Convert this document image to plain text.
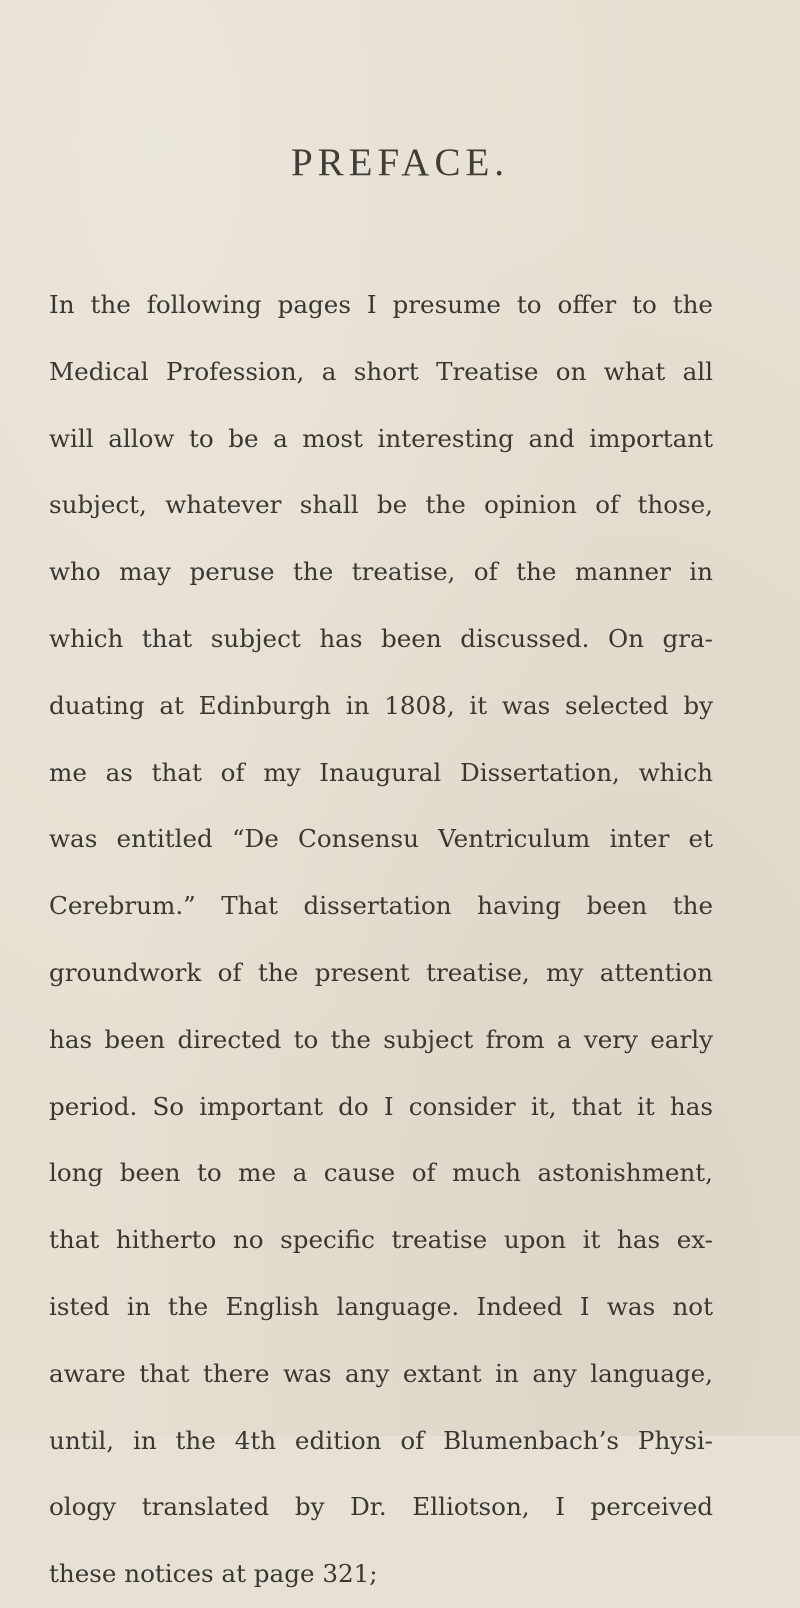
PREFACE.
In the following pages I presume to offer to the
Medical Profession, a short Treatise on what all
will allow to be a most interesting and important
subject, whatever shall be the opinion of those,
who may peruse the treatise, of the manner in
which that subject has been discussed. On gra-
duating at Edinburgh in 1808, it was selected by
me as that of my Inaugural Dissertation, which
was entitled “De Consensu Ventriculum inter et
Cerebrum.” That dissertation having been the
groundwork of the present treatise, my attention
has been directed to the subject from a very early
period. So important do I consider it, that it has
long been to me a cause of much astonishment,
that hitherto no specific treatise upon it has ex-
isted in the English language. Indeed I was not
aware that there was any extant in any language,
until, in the 4th edition of Blumenbach’s Physi-
ology translated by Dr. Elliotson, I perceived
these notices at page 321;
